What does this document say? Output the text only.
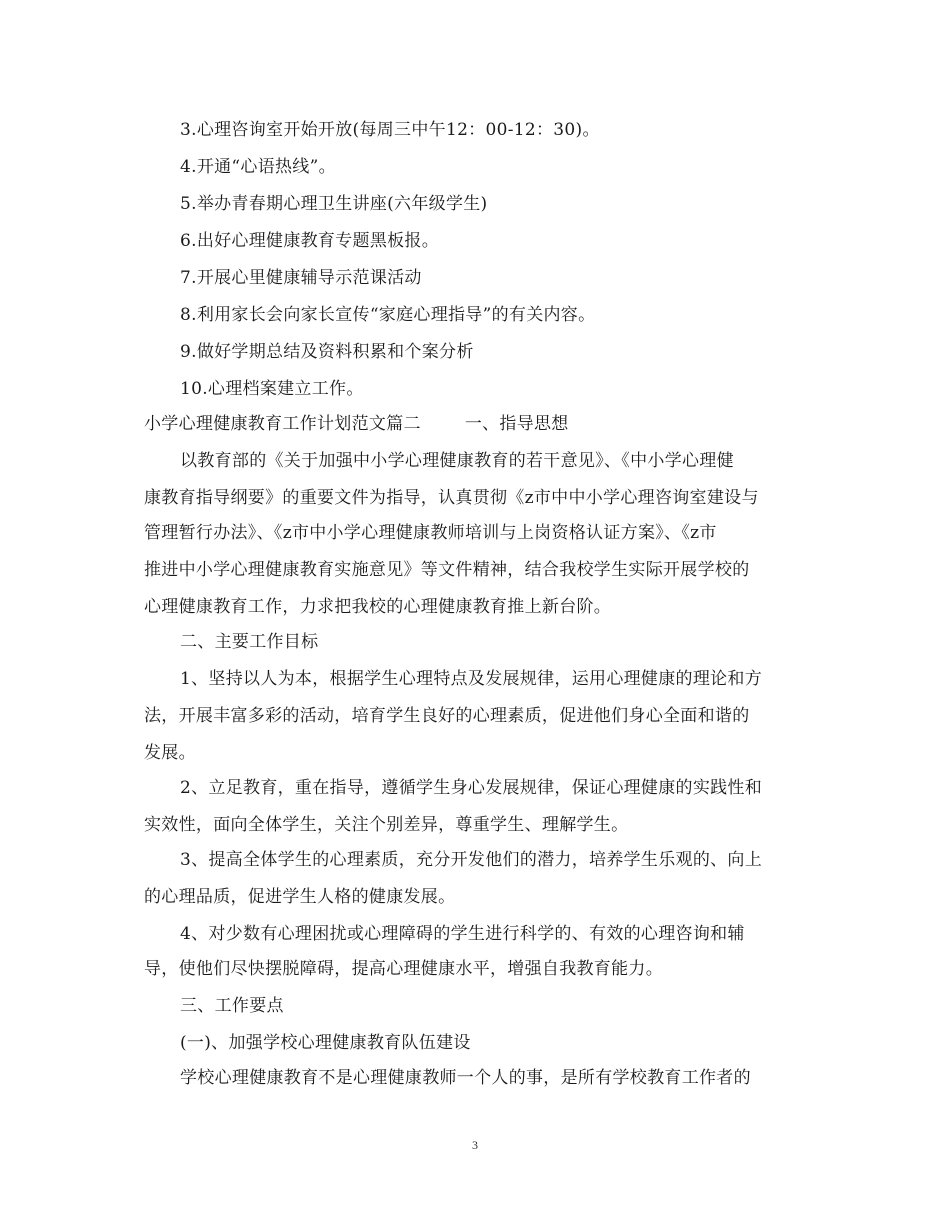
3.心理咨询室开始开放(每周三中午12：00-12：30)。
4.开通“心语热线”。
5.举办青春期心理卫生讲座(六年级学生)
6.出好心理健康教育专题黑板报。
7.开展心里健康辅导示范课活动
8.利用家长会向家长宣传“家庭心理指导”的有关内容。
9.做好学期总结及资料积累和个案分析
10.心理档案建立工作。
小学心理健康教育工作计划范文篇二	一、指导思想
以教育部的《关于加强中小学心理健康教育的若干意见》、《中小学心理健
康教育指导纲要》的重要文件为指导，认真贯彻《z市中中小学心理咨询室建设与
管理暂行办法》、《z市中小学心理健康教师培训与上岗资格认证方案》、《z市
推进中小学心理健康教育实施意见》等文件精神，结合我校学生实际开展学校的
心理健康教育工作，力求把我校的心理健康教育推上新台阶。
二、主要工作目标
1、坚持以人为本，根据学生心理特点及发展规律，运用心理健康的理论和方
法，开展丰富多彩的活动，培育学生良好的心理素质，促进他们身心全面和谐的
发展。
2、立足教育，重在指导，遵循学生身心发展规律，保证心理健康的实践性和
实效性，面向全体学生，关注个别差异，尊重学生、理解学生。
3、提高全体学生的心理素质，充分开发他们的潜力，培养学生乐观的、向上
的心理品质，促进学生人格的健康发展。
4、对少数有心理困扰或心理障碍的学生进行科学的、有效的心理咨询和辅
导，使他们尽快摆脱障碍，提高心理健康水平，增强自我教育能力。
三、工作要点
(一)、加强学校心理健康教育队伍建设
学校心理健康教育不是心理健康教师一个人的事，是所有学校教育工作者的
3
